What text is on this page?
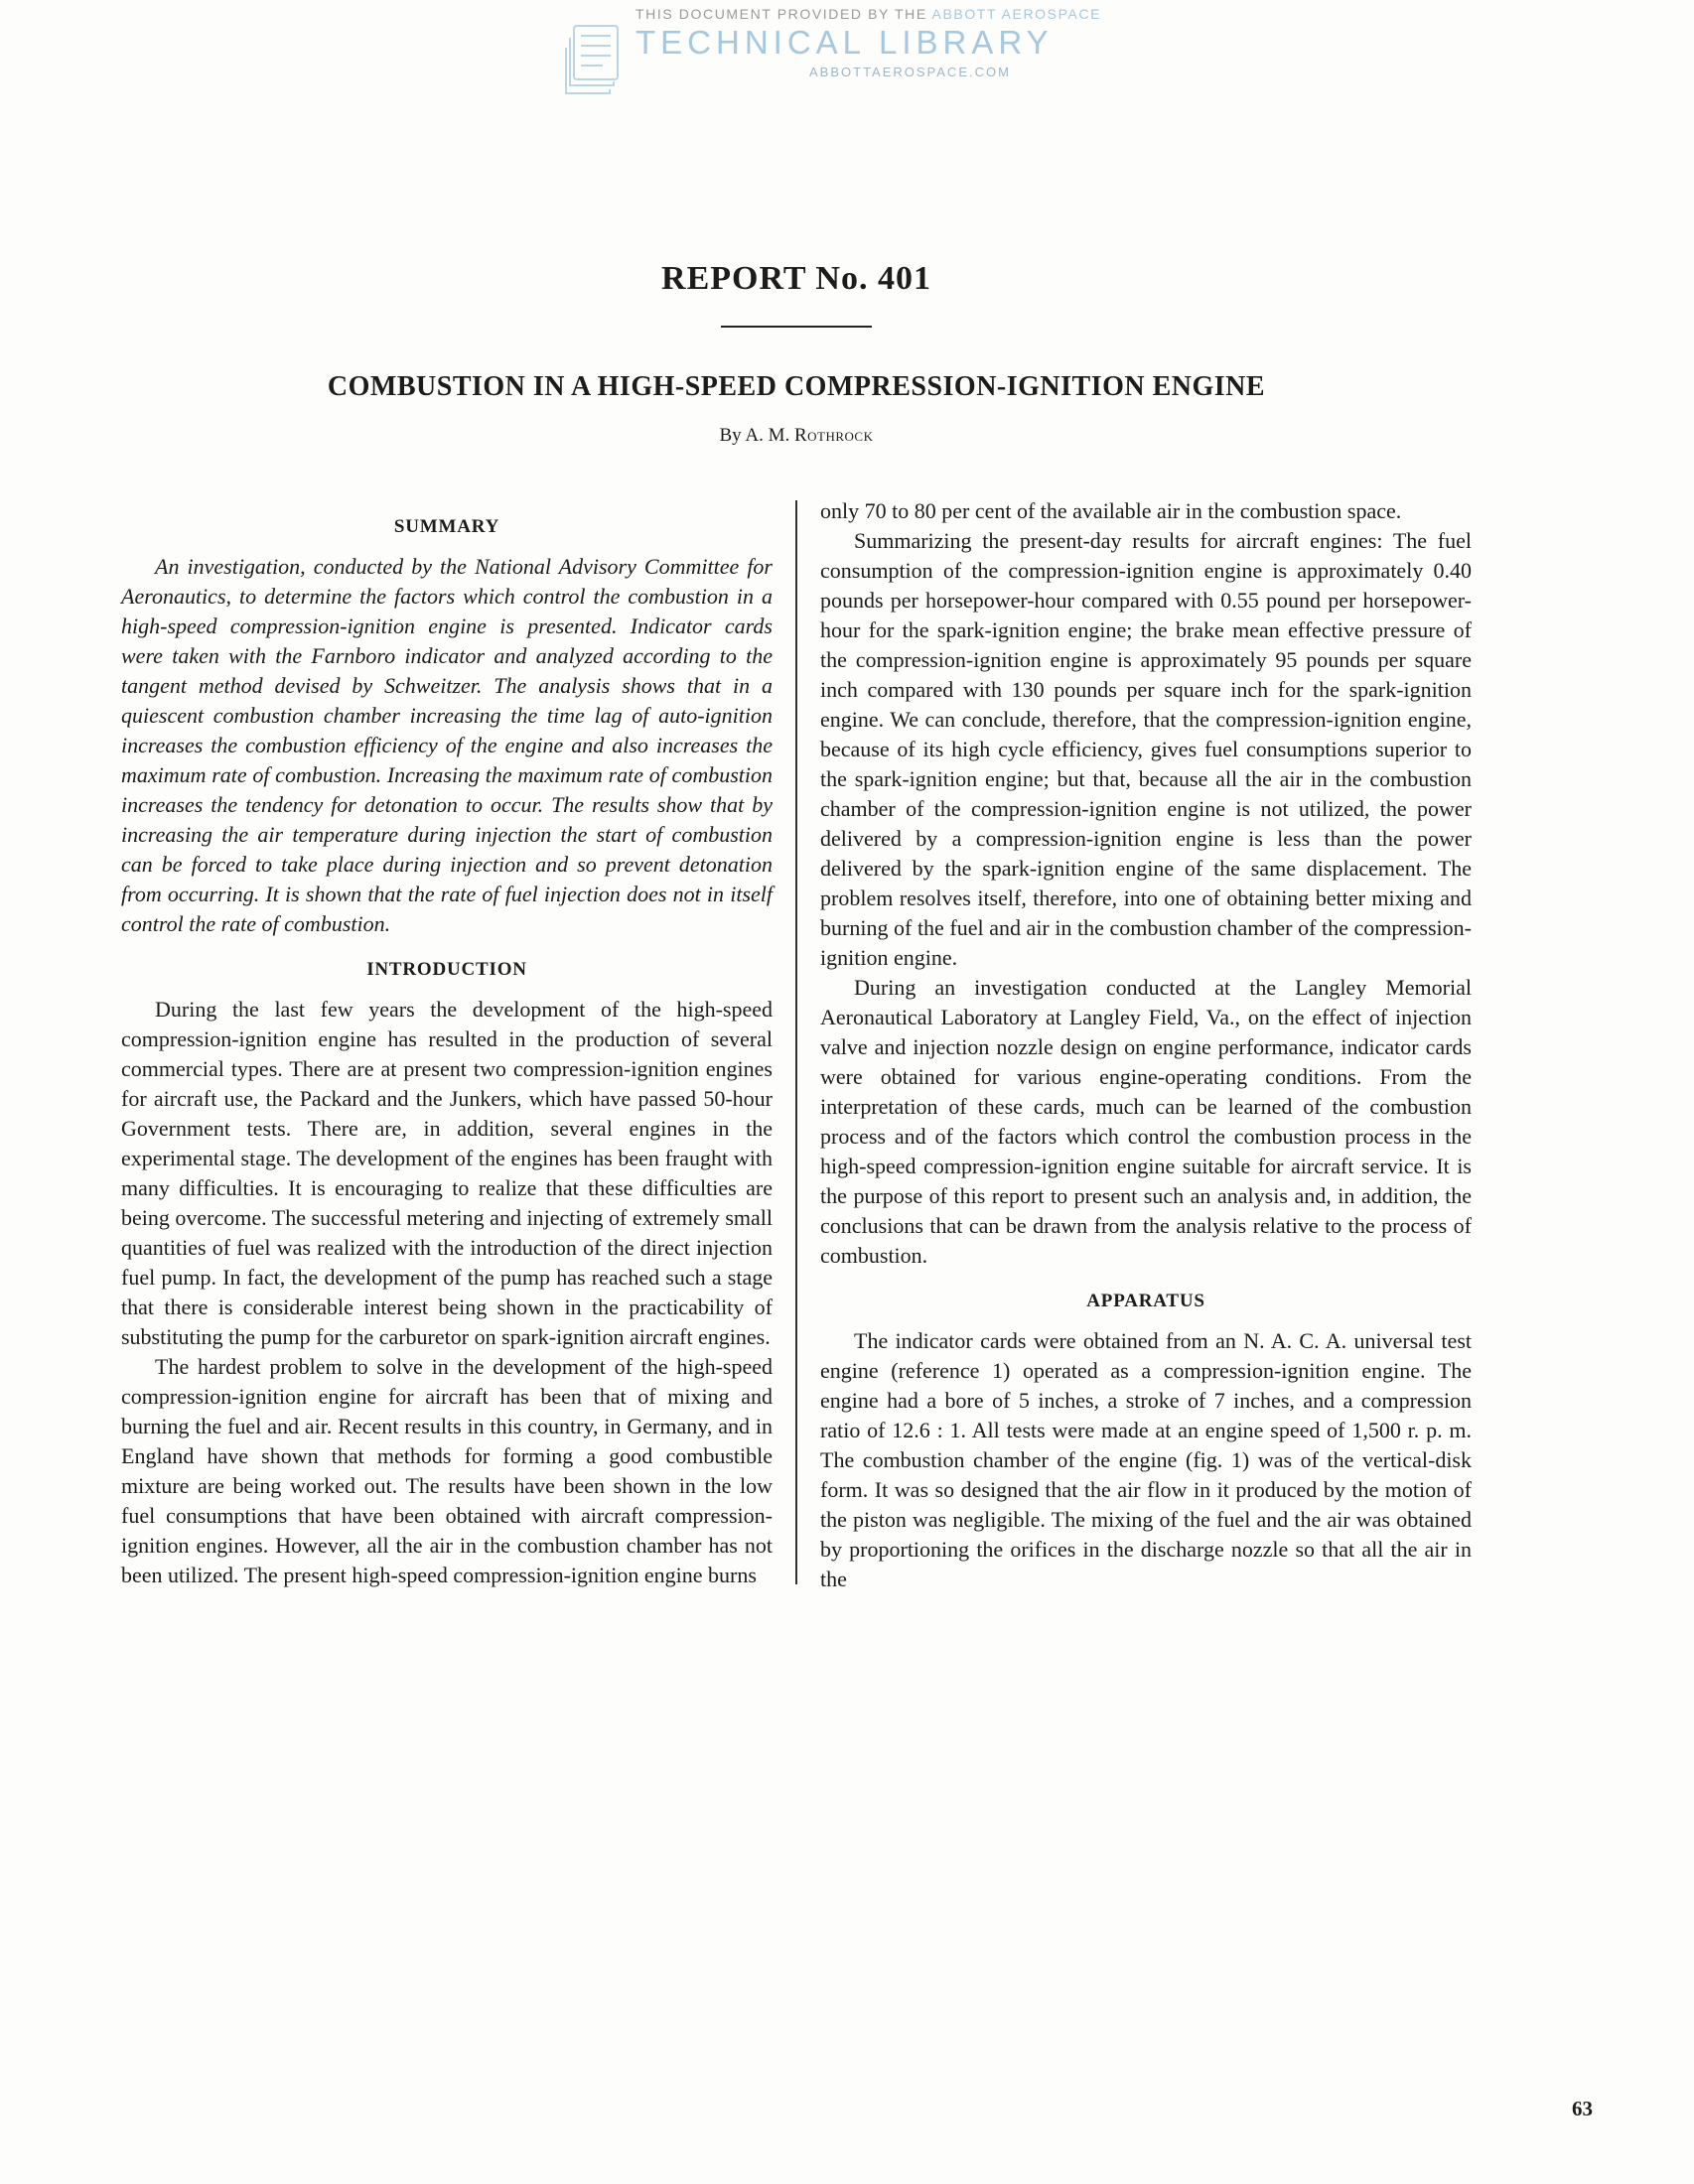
THIS DOCUMENT PROVIDED BY THE ABBOTT AEROSPACE
TECHNICAL LIBRARY
ABBOTTAEROSPACE.COM
REPORT No. 401
COMBUSTION IN A HIGH-SPEED COMPRESSION-IGNITION ENGINE
By A. M. Rothrock
SUMMARY

An investigation, conducted by the National Advisory Committee for Aeronautics, to determine the factors which control the combustion in a high-speed compression-ignition engine is presented. Indicator cards were taken with the Farnboro indicator and analyzed according to the tangent method devised by Schweitzer. The analysis shows that in a quiescent combustion chamber increasing the time lag of auto-ignition increases the combustion efficiency of the engine and also increases the maximum rate of combustion. Increasing the maximum rate of combustion increases the tendency for detonation to occur. The results show that by increasing the air temperature during injection the start of combustion can be forced to take place during injection and so prevent detonation from occurring. It is shown that the rate of fuel injection does not in itself control the rate of combustion.

INTRODUCTION

During the last few years the development of the high-speed compression-ignition engine has resulted in the production of several commercial types. There are at present two compression-ignition engines for aircraft use, the Packard and the Junkers, which have passed 50-hour Government tests. There are, in addition, several engines in the experimental stage. The development of the engines has been fraught with many difficulties. It is encouraging to realize that these difficulties are being overcome. The successful metering and injecting of extremely small quantities of fuel was realized with the introduction of the direct injection fuel pump. In fact, the development of the pump has reached such a stage that there is considerable interest being shown in the practicability of substituting the pump for the carburetor on spark-ignition aircraft engines.

The hardest problem to solve in the development of the high-speed compression-ignition engine for aircraft has been that of mixing and burning the fuel and air. Recent results in this country, in Germany, and in England have shown that methods for forming a good combustible mixture are being worked out. The results have been shown in the low fuel consumptions that have been obtained with aircraft compression-ignition engines. However, all the air in the combustion chamber has not been utilized. The present high-speed compression-ignition engine burns

only 70 to 80 per cent of the available air in the combustion space.

Summarizing the present-day results for aircraft engines: The fuel consumption of the compression-ignition engine is approximately 0.40 pounds per horsepower-hour compared with 0.55 pound per horsepower-hour for the spark-ignition engine; the brake mean effective pressure of the compression-ignition engine is approximately 95 pounds per square inch compared with 130 pounds per square inch for the spark-ignition engine. We can conclude, therefore, that the compression-ignition engine, because of its high cycle efficiency, gives fuel consumptions superior to the spark-ignition engine; but that, because all the air in the combustion chamber of the compression-ignition engine is not utilized, the power delivered by a compression-ignition engine is less than the power delivered by the spark-ignition engine of the same displacement. The problem resolves itself, therefore, into one of obtaining better mixing and burning of the fuel and air in the combustion chamber of the compression-ignition engine.

During an investigation conducted at the Langley Memorial Aeronautical Laboratory at Langley Field, Va., on the effect of injection valve and injection nozzle design on engine performance, indicator cards were obtained for various engine-operating conditions. From the interpretation of these cards, much can be learned of the combustion process and of the factors which control the combustion process in the high-speed compression-ignition engine suitable for aircraft service. It is the purpose of this report to present such an analysis and, in addition, the conclusions that can be drawn from the analysis relative to the process of combustion.

APPARATUS

The indicator cards were obtained from an N. A. C. A. universal test engine (reference 1) operated as a compression-ignition engine. The engine had a bore of 5 inches, a stroke of 7 inches, and a compression ratio of 12.6 : 1. All tests were made at an engine speed of 1,500 r. p. m. The combustion chamber of the engine (fig. 1) was of the vertical-disk form. It was so designed that the air flow in it produced by the motion of the piston was negligible. The mixing of the fuel and the air was obtained by proportioning the orifices in the discharge nozzle so that all the air in the

63
